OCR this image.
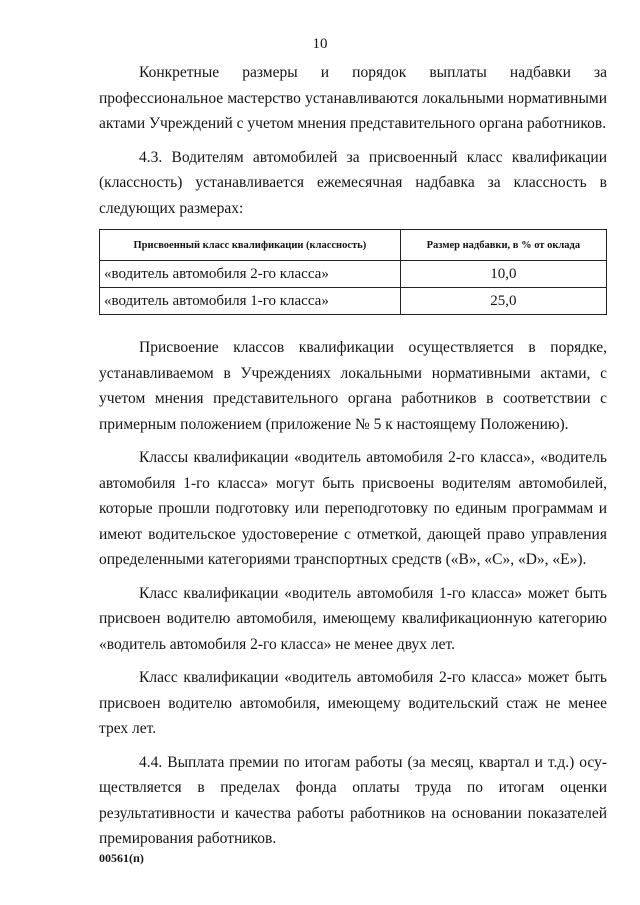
10

Конкретные размеры и порядок выплаты надбавки за профессиональное мастерство устанавливаются локальными нормативными актами Учреждений с учетом мнения представительного органа работников.

4.3. Водителям автомобилей за присвоенный класс квалификации (классность) устанавливается ежемесячная надбавка за классность в следующих размерах:

Присвоенный класс квалификации (классность)	Размер надбавки, в % от оклада
«водитель автомобиля 2-го класса»	10,0
«водитель автомобиля 1-го класса»	25,0

Присвоение классов квалификации осуществляется в порядке, устанавливаемом в Учреждениях локальными нормативными актами, с учетом мнения представительного органа работников в соответствии с примерным положением (приложение № 5 к настоящему Положению).

Классы квалификации «водитель автомобиля 2-го класса», «водитель автомобиля 1-го класса» могут быть присвоены водителям автомобилей, которые прошли подготовку или переподготовку по единым программам и имеют водительское удостоверение с отметкой, дающей право управления определенными категориями транспортных средств («B», «C», «D», «E»).

Класс квалификации «водитель автомобиля 1-го класса» может быть присвоен водителю автомобиля, имеющему квалификационную категорию «водитель автомобиля 2-го класса» не менее двух лет.

Класс квалификации «водитель автомобиля 2-го класса» может быть присвоен водителю автомобиля, имеющему водительский стаж не менее трех лет.

4.4. Выплата премии по итогам работы (за месяц, квартал и т.д.) осуществляется в пределах фонда оплаты труда по итогам оценки результативности и качества работы работников на основании показателей премирования работников.

00561(п)
